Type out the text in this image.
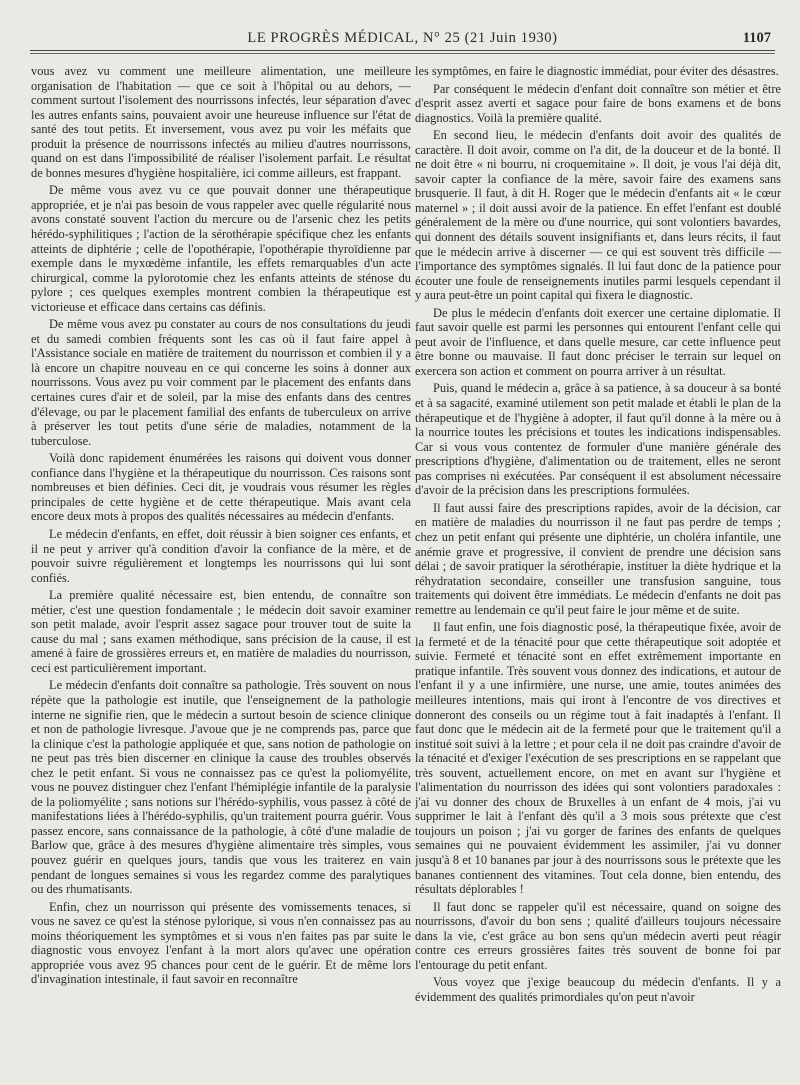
LE PROGRÈS MÉDICAL, N° 25 (21 Juin 1930)	1107

vous avez vu comment une meilleure alimentation, une meilleure organisation de l'habitation — que ce soit à l'hôpital ou au dehors, — comment surtout l'isolement des nourrissons infectés, leur séparation d'avec les autres enfants sains, pouvaient avoir une heureuse influence sur l'état de santé des tout petits. Et inversement, vous avez pu voir les méfaits que produit la présence de nourrissons infectés au milieu d'autres nourrissons, quand on est dans l'impossibilité de réaliser l'isolement parfait. Le résultat de bonnes mesures d'hygiène hospitalière, ici comme ailleurs, est frappant.

De même vous avez vu ce que pouvait donner une thérapeutique appropriée, et je n'ai pas besoin de vous rappeler avec quelle régularité nous avons constaté souvent l'action du mercure ou de l'arsenic chez les petits hérédo-syphilitiques ; l'action de la sérothérapie spécifique chez les enfants atteints de diphtérie ; celle de l'opothérapie, l'opothérapie thyroïdienne par exemple dans le myxœdème infantile, les effets remarquables d'un acte chirurgical, comme la pylorotomie chez les enfants atteints de sténose du pylore ; ces quelques exemples montrent combien la thérapeutique est victorieuse et efficace dans certains cas définis.

De même vous avez pu constater au cours de nos consultations du jeudi et du samedi combien fréquents sont les cas où il faut faire appel à l'Assistance sociale en matière de traitement du nourrisson et combien il y a là encore un chapitre nouveau en ce qui concerne les soins à donner aux nourrissons. Vous avez pu voir comment par le placement des enfants dans certaines cures d'air et de soleil, par la mise des enfants dans des centres d'élevage, ou par le placement familial des enfants de tuberculeux on arrive à préserver les tout petits d'une série de maladies, notamment de la tuberculose.

Voilà donc rapidement énumérées les raisons qui doivent vous donner confiance dans l'hygiène et la thérapeutique du nourrisson. Ces raisons sont nombreuses et bien définies. Ceci dit, je voudrais vous résumer les règles principales de cette hygiène et de cette thérapeutique. Mais avant cela encore deux mots à propos des qualités nécessaires au médecin d'enfants.

Le médecin d'enfants, en effet, doit réussir à bien soigner ces enfants, et il ne peut y arriver qu'à condition d'avoir la confiance de la mère, et de pouvoir suivre régulièrement et longtemps les nourrissons qui lui sont confiés.

La première qualité nécessaire est, bien entendu, de connaître son métier, c'est une question fondamentale ; le médecin doit savoir examiner son petit malade, avoir l'esprit assez sagace pour trouver tout de suite la cause du mal ; sans examen méthodique, sans précision de la cause, il est amené à faire de grossières erreurs et, en matière de maladies du nourrisson, ceci est particulièrement important.

Le médecin d'enfants doit connaître sa pathologie. Très souvent on nous répète que la pathologie est inutile, que l'enseignement de la pathologie interne ne signifie rien, que le médecin a surtout besoin de science clinique et non de pathologie livresque. J'avoue que je ne comprends pas, parce que la clinique c'est la pathologie appliquée et que, sans notion de pathologie on ne peut pas très bien discerner en clinique la cause des troubles observés chez le petit enfant. Si vous ne connaissez pas ce qu'est la poliomyélite, vous ne pouvez distinguer chez l'enfant l'hémiplégie infantile de la paralysie de la poliomyélite ; sans notions sur l'hérédo-syphilis, vous passez à côté de manifestations liées à l'hérédo-syphilis, qu'un traitement pourra guérir. Vous passez encore, sans connaissance de la pathologie, à côté d'une maladie de Barlow que, grâce à des mesures d'hygiène alimentaire très simples, vous pouvez guérir en quelques jours, tandis que vous les traiterez en vain pendant de longues semaines si vous les regardez comme des paralytiques ou des rhumatisants.

Enfin, chez un nourrisson qui présente des vomissements tenaces, si vous ne savez ce qu'est la sténose pylorique, si vous n'en connaissez pas au moins théoriquement les symptômes et si vous n'en faites pas par suite le diagnostic vous envoyez l'enfant à la mort alors qu'avec une opération appropriée vous avez 95 chances pour cent de le guérir. Et de même lors d'invagination intestinale, il faut savoir en reconnaître

les symptômes, en faire le diagnostic immédiat, pour éviter des désastres.

Par conséquent le médecin d'enfant doit connaître son métier et être d'esprit assez averti et sagace pour faire de bons examens et de bons diagnostics. Voilà la première qualité.

En second lieu, le médecin d'enfants doit avoir des qualités de caractère. Il doit avoir, comme on l'a dit, de la douceur et de la bonté. Il ne doit être « ni bourru, ni croquemitaine ». Il doit, je vous l'ai déjà dit, savoir capter la confiance de la mère, savoir faire des examens sans brusquerie. Il faut, à dit H. Roger que le médecin d'enfants ait « le cœur maternel » ; il doit aussi avoir de la patience. En effet l'enfant est doublé généralement de la mère ou d'une nourrice, qui sont volontiers bavardes, qui donnent des détails souvent insignifiants et, dans leurs récits, il faut que le médecin arrive à discerner — ce qui est souvent très difficile — l'importance des symptômes signalés. Il lui faut donc de la patience pour écouter une foule de renseignements inutiles parmi lesquels cependant il y aura peut-être un point capital qui fixera le diagnostic.

De plus le médecin d'enfants doit exercer une certaine diplomatie. Il faut savoir quelle est parmi les personnes qui entourent l'enfant celle qui peut avoir de l'influence, et dans quelle mesure, car cette influence peut être bonne ou mauvaise. Il faut donc préciser le terrain sur lequel on exercera son action et comment on pourra arriver à un résultat.

Puis, quand le médecin a, grâce à sa patience, à sa douceur à sa bonté et à sa sagacité, examiné utilement son petit malade et établi le plan de la thérapeutique et de l'hygiène à adopter, il faut qu'il donne à la mère ou à la nourrice toutes les précisions et toutes les indications indispensables. Car si vous vous contentez de formuler d'une manière générale des prescriptions d'hygiène, d'alimentation ou de traitement, elles ne seront pas comprises ni exécutées. Par conséquent il est absolument nécessaire d'avoir de la précision dans les prescriptions formulées.

Il faut aussi faire des prescriptions rapides, avoir de la décision, car en matière de maladies du nourrisson il ne faut pas perdre de temps ; chez un petit enfant qui présente une diphtérie, un choléra infantile, une anémie grave et progressive, il convient de prendre une décision sans délai ; de savoir pratiquer la sérothérapie, instituer la diète hydrique et la réhydratation secondaire, conseiller une transfusion sanguine, tous traitements qui doivent être immédiats. Le médecin d'enfants ne doit pas remettre au lendemain ce qu'il peut faire le jour même et de suite.

Il faut enfin, une fois diagnostic posé, la thérapeutique fixée, avoir de la fermeté et de la ténacité pour que cette thérapeutique soit adoptée et suivie. Fermeté et ténacité sont en effet extrêmement importante en pratique infantile. Très souvent vous donnez des indications, et autour de l'enfant il y a une infirmière, une nurse, une amie, toutes animées des meilleures intentions, mais qui iront à l'encontre de vos directives et donneront des conseils ou un régime tout à fait inadaptés à l'enfant. Il faut donc que le médecin ait de la fermeté pour que le traitement qu'il a institué soit suivi à la lettre ; et pour cela il ne doit pas craindre d'avoir de la ténacité et d'exiger l'exécution de ses prescriptions en se rappelant que très souvent, actuellement encore, on met en avant sur l'hygiène et l'alimentation du nourrisson des idées qui sont volontiers paradoxales : j'ai vu donner des choux de Bruxelles à un enfant de 4 mois, j'ai vu supprimer le lait à l'enfant dès qu'il a 3 mois sous prétexte que c'est toujours un poison ; j'ai vu gorger de farines des enfants de quelques semaines qui ne pouvaient évidemment les assimiler, j'ai vu donner jusqu'à 8 et 10 bananes par jour à des nourrissons sous le prétexte que les bananes contiennent des vitamines. Tout cela donne, bien entendu, des résultats déplorables !

Il faut donc se rappeler qu'il est nécessaire, quand on soigne des nourrissons, d'avoir du bon sens ; qualité d'ailleurs toujours nécessaire dans la vie, c'est grâce au bon sens qu'un médecin averti peut réagir contre ces erreurs grossières faites très souvent de bonne foi par l'entourage du petit enfant.

Vous voyez que j'exige beaucoup du médecin d'enfants. Il y a évidemment des qualités primordiales qu'on peut n'avoir
